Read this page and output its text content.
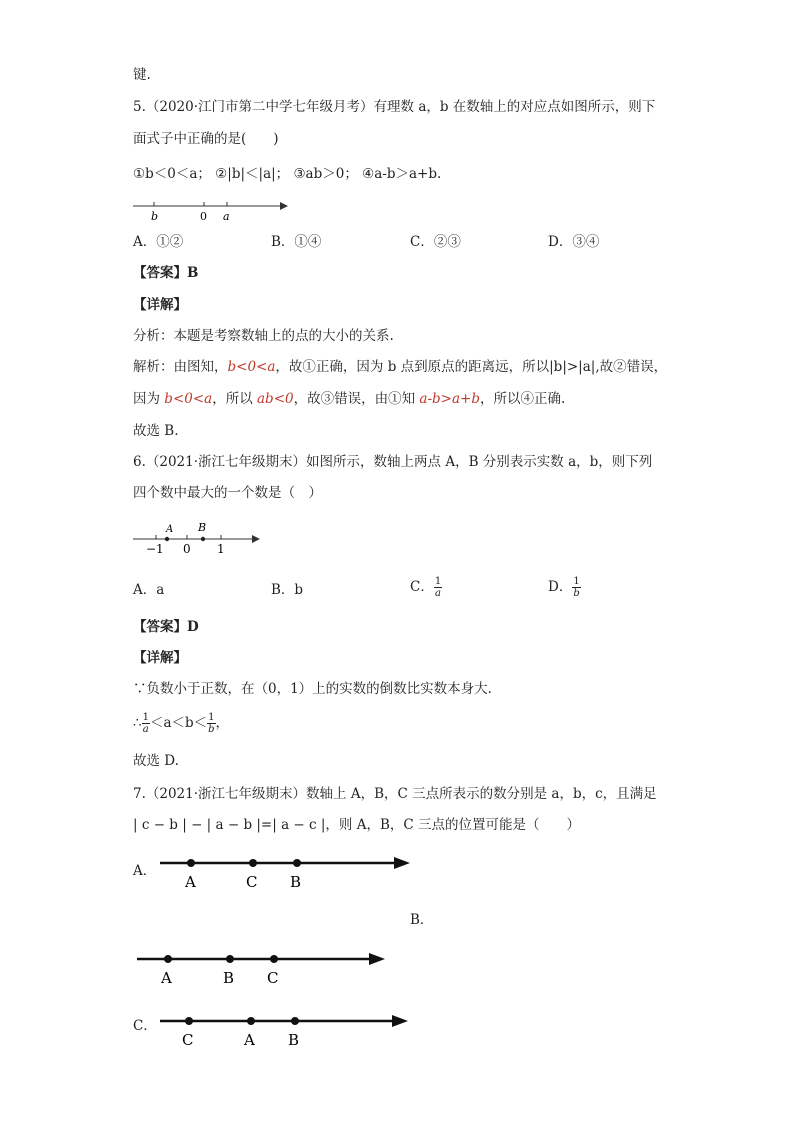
键.
5.（2020·江门市第二中学七年级月考）有理数 a，b 在数轴上的对应点如图所示，则下
面式子中正确的是(　　)
①b＜0＜a； ②|b|＜|a|； ③ab＞0； ④a-b＞a+b.
b	0 a
A．①②	B．①④	C．②③	D．③④
【答案】B
【详解】
分析：本题是考察数轴上的点的大小的关系.
解析：由图知，b<0<a，故①正确，因为 b 点到原点的距离远，所以|b|>|a|,故②错误，
因为 b<0<a，所以 ab<0，故③错误，由①知 a-b>a+b，所以④正确.
故选 B.
6.（2021·浙江七年级期末）如图所示，数轴上两点 A，B 分别表示实数 a，b，则下列
四个数中最大的一个数是（　）
A B
−1 0 1
A．a	B．b	C． $\frac{1}{a}$	D． $\frac{1}{b}$
【答案】D
【详解】
∵负数小于正数，在（0，1）上的实数的倒数比实数本身大.
∴ $\frac{1}{a} <a<b< \frac{1}{b}$ ，
故选 D.
7.（2021·浙江七年级期末）数轴上 A，B，C 三点所表示的数分别是 a，b，c，且满足
| c − b | − | a − b |=| a − c |，则 A，B，C 三点的位置可能是（　　）
A．
A	C B
B．
A	B C
C．
C	A B
